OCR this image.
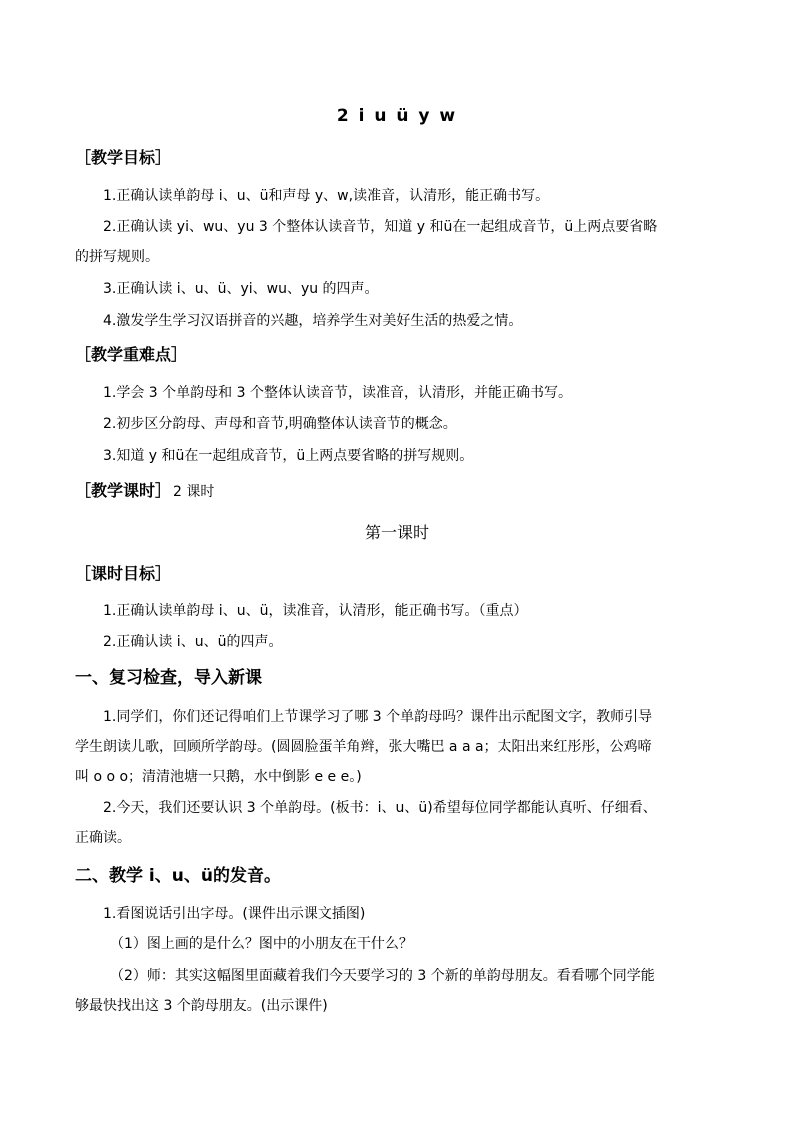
2 i u ü y w
［教学目标］
1.正确认读单韵母 i、u、ü和声母 y、w,读准音，认清形，能正确书写。
2.正确认读 yi、wu、yu 3 个整体认读音节，知道 y 和ü在一起组成音节，ü上两点要省略
的拼写规则。
3.正确认读 i、u、ü、yi、wu、yu 的四声。
4.激发学生学习汉语拼音的兴趣，培养学生对美好生活的热爱之情。
［教学重难点］
1.学会 3 个单韵母和 3 个整体认读音节，读准音，认清形，并能正确书写。
2.初步区分韵母、声母和音节,明确整体认读音节的概念。
3.知道 y 和ü在一起组成音节，ü上两点要省略的拼写规则。
［教学课时］ 2 课时
第一课时
［课时目标］
1.正确认读单韵母 i、u、ü，读准音，认清形，能正确书写。（重点）
2.正确认读 i、u、ü的四声。
一、复习检查，导入新课
1.同学们，你们还记得咱们上节课学习了哪 3 个单韵母吗？课件出示配图文字，教师引导
学生朗读儿歌，回顾所学韵母。(圆圆脸蛋羊角辫，张大嘴巴 a a a；太阳出来红彤彤，公鸡啼
叫 o o o；清清池塘一只鹅，水中倒影 e e e。)
2.今天，我们还要认识 3 个单韵母。(板书：i、u、ü)希望每位同学都能认真听、仔细看、
正确读。
二、教学 i、u、ü的发音。
1.看图说话引出字母。(课件出示课文插图)
（1）图上画的是什么？图中的小朋友在干什么？
（2）师：其实这幅图里面藏着我们今天要学习的 3 个新的单韵母朋友。看看哪个同学能
够最快找出这 3 个韵母朋友。(出示课件)
